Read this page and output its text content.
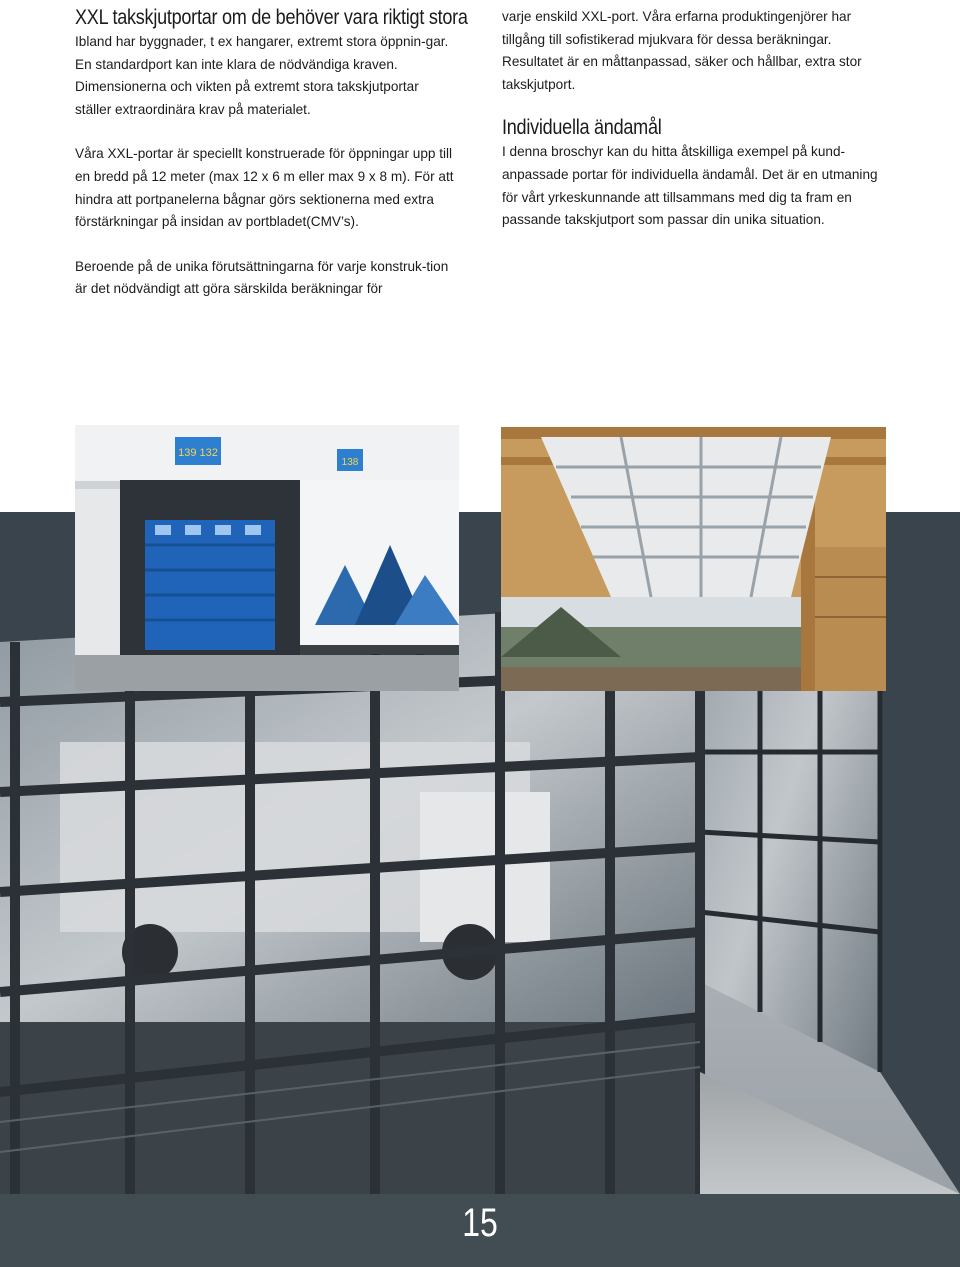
XXL takskjutportar om de behöver vara riktigt stora

Ibland har byggnader, t ex hangarer, extremt stora öppnin-gar. En standardport kan inte klara de nödvändiga kraven. Dimensionerna och vikten på extremt stora takskjutportar ställer extraordinära krav på materialet.

Våra XXL-portar är speciellt konstruerade för öppningar upp till en bredd på 12 meter (max 12 x 6 m eller max 9 x 8 m). För att hindra att portpanelerna bågnar görs sektionerna med extra förstärkningar på insidan av portbladet(CMV’s).

Beroende på de unika förutsättningarna för varje konstruk-tion är det nödvändigt att göra särskilda beräkningar för

varje enskild XXL-port. Våra erfarna produktingenjörer har tillgång till sofistikerad mjukvara för dessa beräkningar. Resultatet är en måttanpassad, säker och hållbar, extra stor takskjutport.

Individuella ändamål

I denna broschyr kan du hitta åtskilliga exempel på kund-anpassade portar för individuella ändamål. Det är en utmaning för vårt yrkeskunnande att tillsammans med dig ta fram en passande takskjutport som passar din unika situation.

139 132
138
15
